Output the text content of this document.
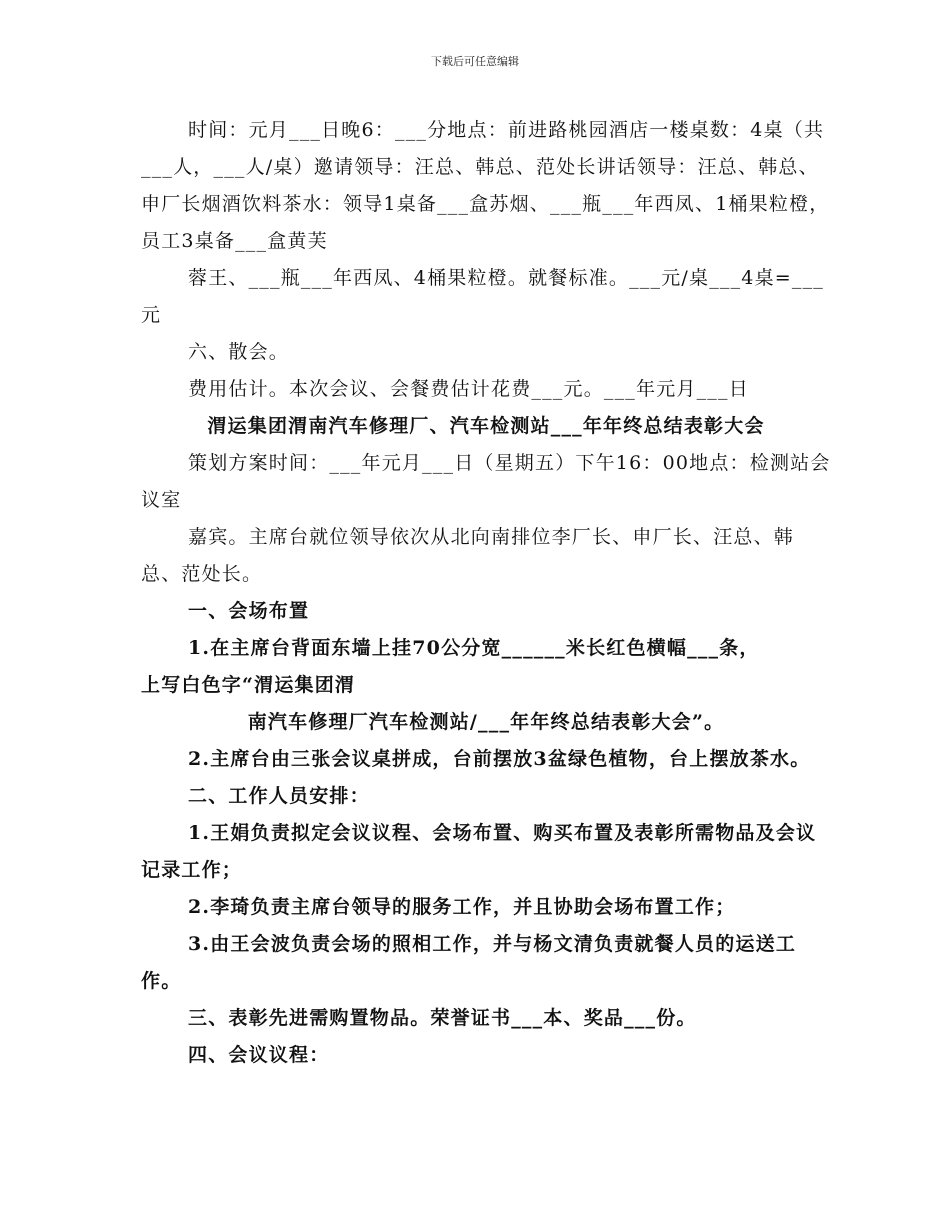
下载后可任意编辑

时间：元月___日晚6：___分地点：前进路桃园酒店一楼桌数：4桌（共___人，___人/桌）邀请领导：汪总、韩总、范处长讲话领导：汪总、韩总、申厂长烟酒饮料茶水：领导1桌备___盒苏烟、___瓶___年西凤、1桶果粒橙，员工3桌备___盒黄芙

蓉王、___瓶___年西凤、4桶果粒橙。就餐标准。___元/桌___4桌=___元

六、散会。

费用估计。本次会议、会餐费估计花费___元。___年元月___日

渭运集团渭南汽车修理厂、汽车检测站___年年终总结表彰大会

策划方案时间：___年元月___日（星期五）下午16：00地点：检测站会议室

嘉宾。主席台就位领导依次从北向南排位李厂长、申厂长、汪总、韩总、范处长。

一、会场布置

1.在主席台背面东墙上挂70公分宽______米长红色横幅___条，
上写白色字“渭运集团渭
南汽车修理厂汽车检测站/___年年终总结表彰大会”。

2.主席台由三张会议桌拼成，台前摆放3盆绿色植物，台上摆放茶水。

二、工作人员安排：

1.王娟负责拟定会议议程、会场布置、购买布置及表彰所需物品及会议记录工作；

2.李琦负责主席台领导的服务工作，并且协助会场布置工作；

3.由王会波负责会场的照相工作，并与杨文清负责就餐人员的运送工作。

三、表彰先进需购置物品。荣誉证书___本、奖品___份。

四、会议议程：
